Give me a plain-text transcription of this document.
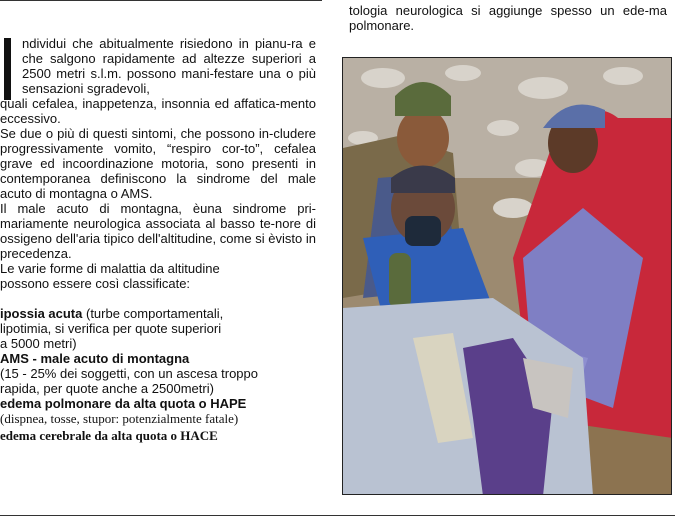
ndividui che abitualmente risiedono in pianu-ra e che salgono rapidamente ad altezze superiori a 2500 metri s.l.m. possono mani-festare una o più sensazioni sgradevoli,

quali cefalea, inappetenza, insonnia ed affatica-mento eccessivo.

Se due o più di questi sintomi, che possono in-cludere progressivamente vomito, “respiro cor-to”, cefalea grave ed incoordinazione motoria, sono presenti in contemporanea definiscono la sindrome del male acuto di montagna o AMS.

Il male acuto di montagna, èuna sindrome pri-mariamente neurologica associata al basso te-nore di ossigeno dell'aria tipico dell'altitudine, come si èvisto in precedenza.

Le varie forme di malattia da altitudine

possono essere così classificate:

ipossia acuta (turbe comportamentali,

lipotimia, si verifica per quote superiori

a 5000 metri)

AMS - male acuto di montagna

(15 - 25% dei soggetti, con un ascesa troppo

rapida, per quote anche a 2500metri)

edema polmonare da alta quota o HAPE

(dispnea, tosse, stupor: potenzialmente fatale)

edema cerebrale da alta quota o HACE

tologia neurologica si aggiunge spesso un ede-ma polmonare.
